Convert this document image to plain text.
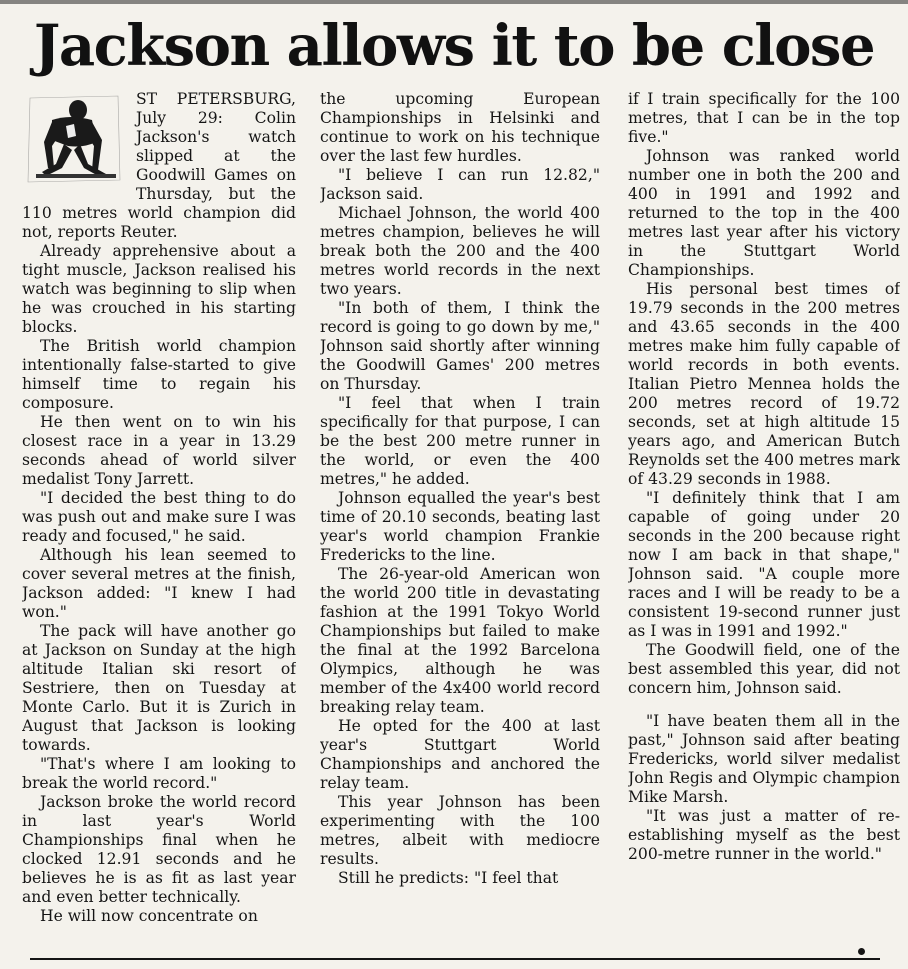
Jackson allows it to be close

ST PETERSBURG, July 29: Colin Jackson's watch slipped at the Goodwill Games on Thursday, but the 110 metres world champion did not, reports Reuter.

Already apprehensive about a tight muscle, Jackson realised his watch was beginning to slip when he was crouched in his starting blocks.

The British world champion intentionally false-started to give himself time to regain his composure.

He then went on to win his closest race in a year in 13.29 seconds ahead of world silver medalist Tony Jarrett.

"I decided the best thing to do was push out and make sure I was ready and focused," he said.

Although his lean seemed to cover several metres at the finish, Jackson added: "I knew I had won."

The pack will have another go at Jackson on Sunday at the high altitude Italian ski resort of Sestriere, then on Tuesday at Monte Carlo. But it is Zurich in August that Jackson is looking towards.

"That's where I am looking to break the world record."

Jackson broke the world record in last year's World Championships final when he clocked 12.91 seconds and he believes he is as fit as last year and even better technically.

He will now concentrate on

the upcoming European Championships in Helsinki and continue to work on his technique over the last few hurdles.

"I believe I can run 12.82," Jackson said.

Michael Johnson, the world 400 metres champion, believes he will break both the 200 and the 400 metres world records in the next two years.

"In both of them, I think the record is going to go down by me," Johnson said shortly after winning the Goodwill Games' 200 metres on Thursday.

"I feel that when I train specifically for that purpose, I can be the best 200 metre runner in the world, or even the 400 metres," he added.

Johnson equalled the year's best time of 20.10 seconds, beating last year's world champion Frankie Fredericks to the line.

The 26-year-old American won the world 200 title in devastating fashion at the 1991 Tokyo World Championships but failed to make the final at the 1992 Barcelona Olympics, although he was member of the 4x400 world record breaking relay team.

He opted for the 400 at last year's Stuttgart World Championships and anchored the relay team.

This year Johnson has been experimenting with the 100 metres, albeit with mediocre results.

Still he predicts: "I feel that

if I train specifically for the 100 metres, that I can be in the top five."

Johnson was ranked world number one in both the 200 and 400 in 1991 and 1992 and returned to the top in the 400 metres last year after his victory in the Stuttgart World Championships.

His personal best times of 19.79 seconds in the 200 metres and 43.65 seconds in the 400 metres make him fully capable of world records in both events. Italian Pietro Mennea holds the 200 metres record of 19.72 seconds, set at high altitude 15 years ago, and American Butch Reynolds set the 400 metres mark of 43.29 seconds in 1988.

"I definitely think that I am capable of going under 20 seconds in the 200 because right now I am back in that shape," Johnson said. "A couple more races and I will be ready to be a consistent 19-second runner just as I was in 1991 and 1992."

The Goodwill field, one of the best assembled this year, did not concern him, Johnson said.

"I have beaten them all in the past," Johnson said after beating Fredericks, world silver medalist John Regis and Olympic champion Mike Marsh.

"It was just a matter of re-establishing myself as the best 200-metre runner in the world."
